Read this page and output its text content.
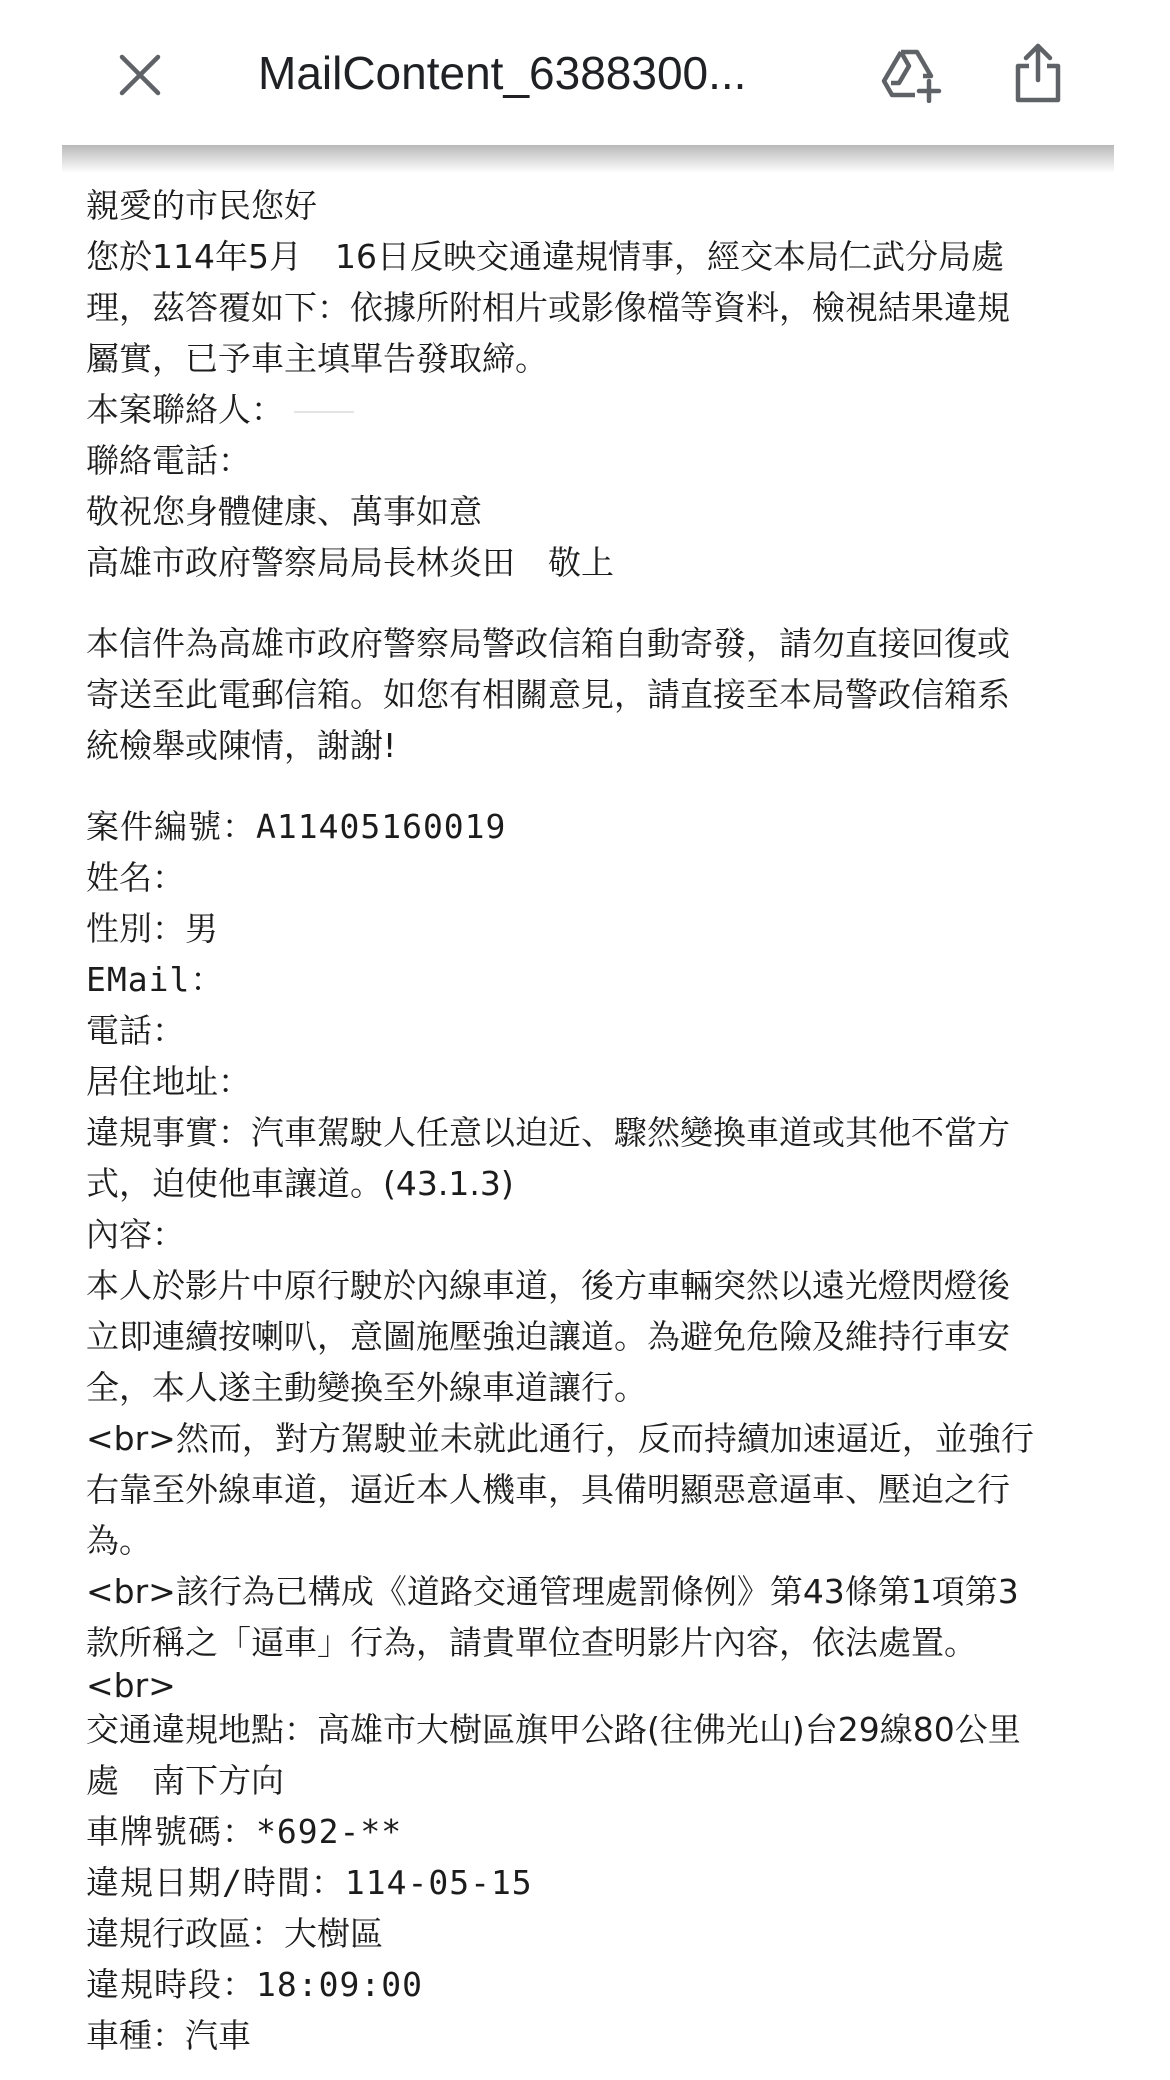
MailContent_6388300...
親愛的市民您好
您於114年5月　16日反映交通違規情事，經交本局仁武分局處
理，茲答覆如下：依據所附相片或影像檔等資料，檢視結果違規
屬實，已予車主填單告發取締。
本案聯絡人：
聯絡電話：
敬祝您身體健康、萬事如意
高雄市政府警察局局長林炎田　敬上
本信件為高雄市政府警察局警政信箱自動寄發，請勿直接回復或
寄送至此電郵信箱。如您有相關意見，請直接至本局警政信箱系
統檢舉或陳情，謝謝!
案件編號：A11405160019
姓名：
性別：男
EMail：
電話：
居住地址：
違規事實：汽車駕駛人任意以迫近、驟然變換車道或其他不當方
式，迫使他車讓道。(43.1.3)
內容：
本人於影片中原行駛於內線車道，後方車輛突然以遠光燈閃燈後
立即連續按喇叭，意圖施壓強迫讓道。為避免危險及維持行車安
全，本人遂主動變換至外線車道讓行。
<br>然而，對方駕駛並未就此通行，反而持續加速逼近，並強行
右靠至外線車道，逼近本人機車，具備明顯惡意逼車、壓迫之行
為。
<br>該行為已構成《道路交通管理處罰條例》第43條第1項第3
款所稱之「逼車」行為，請貴單位查明影片內容，依法處置。
<br>
交通違規地點：高雄市大樹區旗甲公路(往佛光山)台29線80公里
處　南下方向
車牌號碼：*692-**
違規日期/時間：114-05-15
違規行政區：大樹區
違規時段：18:09:00
車種：汽車
